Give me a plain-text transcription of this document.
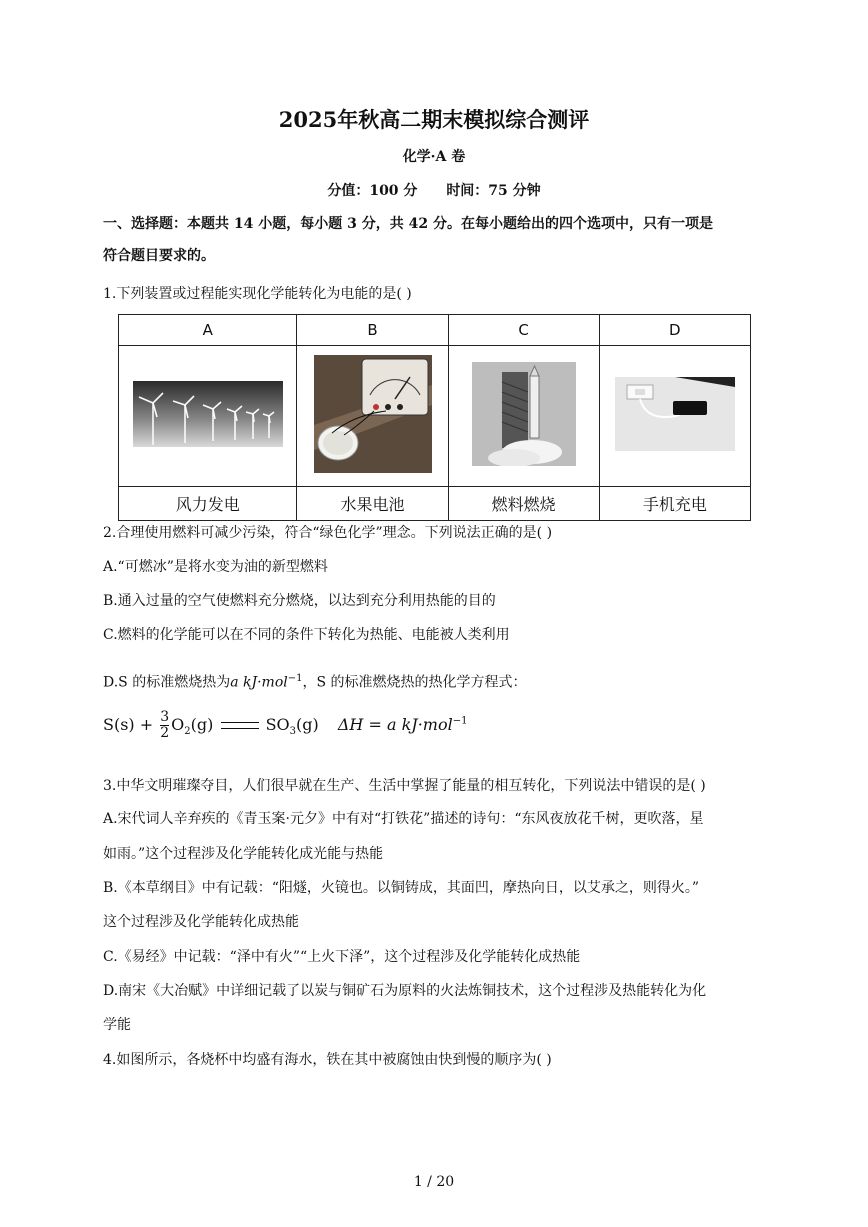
2025年秋高二期末模拟综合测评
化学·A 卷
分值：100 分 时间：75 分钟
一、选择题：本题共 14 小题，每小题 3 分，共 42 分。在每小题给出的四个选项中，只有一项是
符合题目要求的。
1.下列装置或过程能实现化学能转化为电能的是( )
A	B	C	D

风力发电	水果电池	燃料燃烧	手机充电
2.合理使用燃料可减少污染，符合“绿色化学”理念。下列说法正确的是( )
A.“可燃冰”是将水变为油的新型燃料
B.通入过量的空气使燃料充分燃烧，以达到充分利用热能的目的
C.燃料的化学能可以在不同的条件下转化为热能、电能被人类利用
D.S 的标准燃烧热为a kJ·mol$^{-1}$，S 的标准燃烧热的热化学方程式：
$S(s) + \frac{3}{2} O_2(g)$	$SO_3(g) \Delta H = a$ kJ·mol$^{-1}$
3.中华文明璀璨夺目，人们很早就在生产、生活中掌握了能量的相互转化，下列说法中错误的是( )
A.宋代词人辛弃疾的《青玉案·元夕》中有对“打铁花”描述的诗句：“东风夜放花千树，更吹落，星
如雨。”这个过程涉及化学能转化成光能与热能
B.《本草纲目》中有记载：“阳燧，火镜也。以铜铸成，其面凹，摩热向日，以艾承之，则得火。”
这个过程涉及化学能转化成热能
C.《易经》中记载：“泽中有火”“上火下泽”，这个过程涉及化学能转化成热能
D.南宋《大冶赋》中详细记载了以炭与铜矿石为原料的火法炼铜技术，这个过程涉及热能转化为化
学能
4.如图所示，各烧杯中均盛有海水，铁在其中被腐蚀由快到慢的顺序为( )
1 / 20
